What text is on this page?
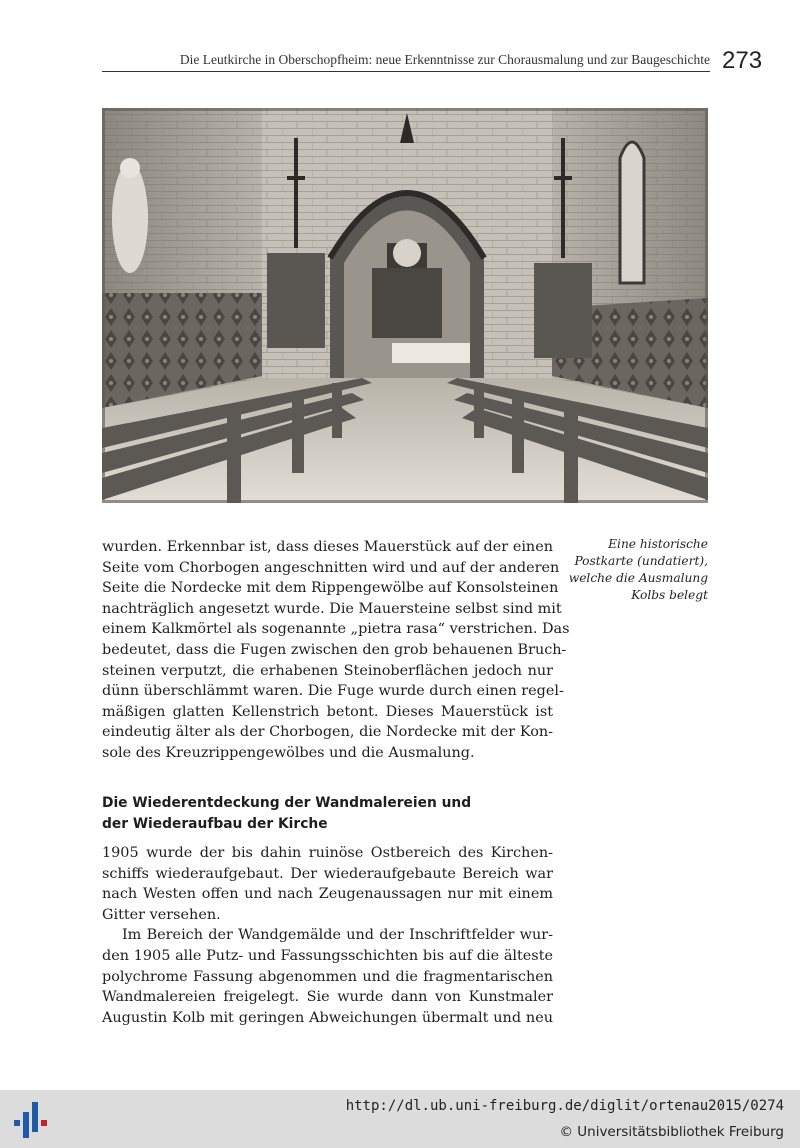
Die Leutkirche in Oberschopfheim: neue Erkenntnisse zur Chorausmalung und zur Baugeschichte 273
Eine historische
Postkarte (undatiert),
welche die Ausmalung
Kolbs belegt
wurden. Erkennbar ist, dass dieses Mauerstück auf der einen
Seite vom Chorbogen angeschnitten wird und auf der anderen
Seite die Nordecke mit dem Rippengewölbe auf Konsolsteinen
nachträglich angesetzt wurde. Die Mauersteine selbst sind mit
einem Kalkmörtel als sogenannte „pietra rasa“ verstrichen. Das
bedeutet, dass die Fugen zwischen den grob behauenen Bruch-
steinen verputzt, die erhabenen Steinoberflächen jedoch nur
dünn überschlämmt waren. Die Fuge wurde durch einen regel-
mäßigen glatten Kellenstrich betont. Dieses Mauerstück ist
eindeutig älter als der Chorbogen, die Nordecke mit der Kon-
sole des Kreuzrippengewölbes und die Ausmalung.
Die Wiederentdeckung der Wandmalereien und
der Wiederaufbau der Kirche
1905 wurde der bis dahin ruinöse Ostbereich des Kirchen-
schiffs wiederaufgebaut. Der wiederaufgebaute Bereich war
nach Westen offen und nach Zeugenaussagen nur mit einem
Gitter versehen.
Im Bereich der Wandgemälde und der Inschriftfelder wur-
den 1905 alle Putz- und Fassungsschichten bis auf die älteste
polychrome Fassung abgenommen und die fragmentarischen
Wandmalereien freigelegt. Sie wurde dann von Kunstmaler
Augustin Kolb mit geringen Abweichungen übermalt und neu
http://dl.ub.uni-freiburg.de/diglit/ortenau2015/0274
© Universitätsbibliothek Freiburg
